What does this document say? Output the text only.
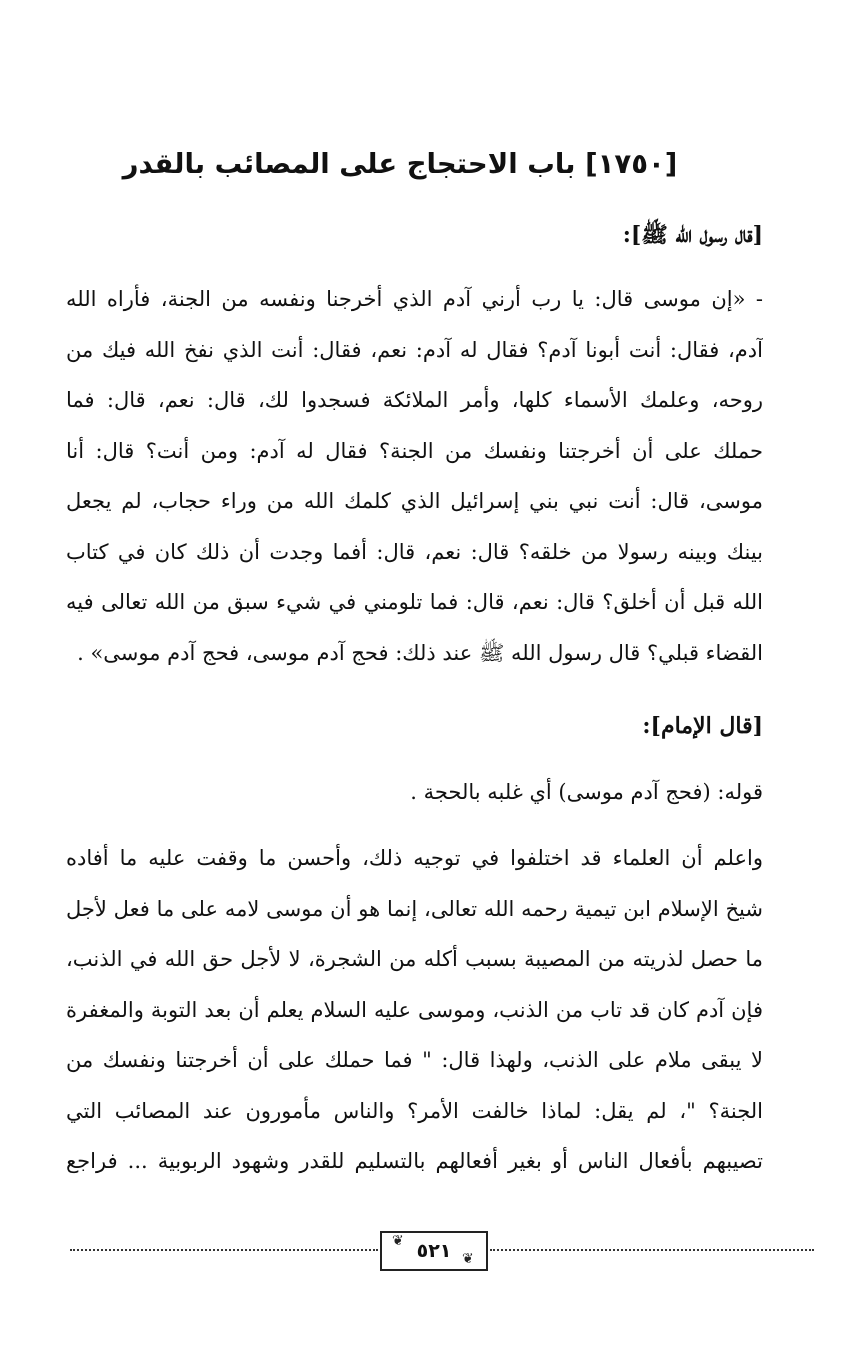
[١٧٥٠] باب الاحتجاج على المصائب بالقدر
[قال رسول الله ﷺ]:
- «إن موسى قال: يا رب أرني آدم الذي أخرجنا ونفسه من الجنة، فأراه الله
آدم، فقال: أنت أبونا آدم؟ فقال له آدم: نعم، فقال: أنت الذي نفخ الله فيك من
روحه، وعلمك الأسماء كلها، وأمر الملائكة فسجدوا لك، قال: نعم، قال: فما
حملك على أن أخرجتنا ونفسك من الجنة؟ فقال له آدم: ومن أنت؟ قال: أنا
موسى، قال: أنت نبي بني إسرائيل الذي كلمك الله من وراء حجاب، لم يجعل
بينك وبينه رسولا من خلقه؟ قال: نعم، قال: أفما وجدت أن ذلك كان في كتاب
الله قبل أن أخلق؟ قال: نعم، قال: فما تلومني في شيء سبق من الله تعالى فيه
القضاء قبلي؟ قال رسول الله ﷺ عند ذلك: فحج آدم موسى، فحج آدم موسى» .
[قال الإمام]:
قوله: (فحج آدم موسى) أي غلبه بالحجة .
واعلم أن العلماء قد اختلفوا في توجيه ذلك، وأحسن ما وقفت عليه ما أفاده
شيخ الإسلام ابن تيمية رحمه الله تعالى، إنما هو أن موسى لامه على ما فعل لأجل
ما حصل لذريته من المصيبة بسبب أكله من الشجرة، لا لأجل حق الله في الذنب،
فإن آدم كان قد تاب من الذنب، وموسى عليه السلام يعلم أن بعد التوبة والمغفرة
لا يبقى ملام على الذنب، ولهذا قال: " فما حملك على أن أخرجتنا ونفسك من
الجنة؟ "، لم يقل: لماذا خالفت الأمر؟ والناس مأمورون عند المصائب التي
تصيبهم بأفعال الناس أو بغير أفعالهم بالتسليم للقدر وشهود الربوبية ... فراجع
٥٢١
❦
❦
